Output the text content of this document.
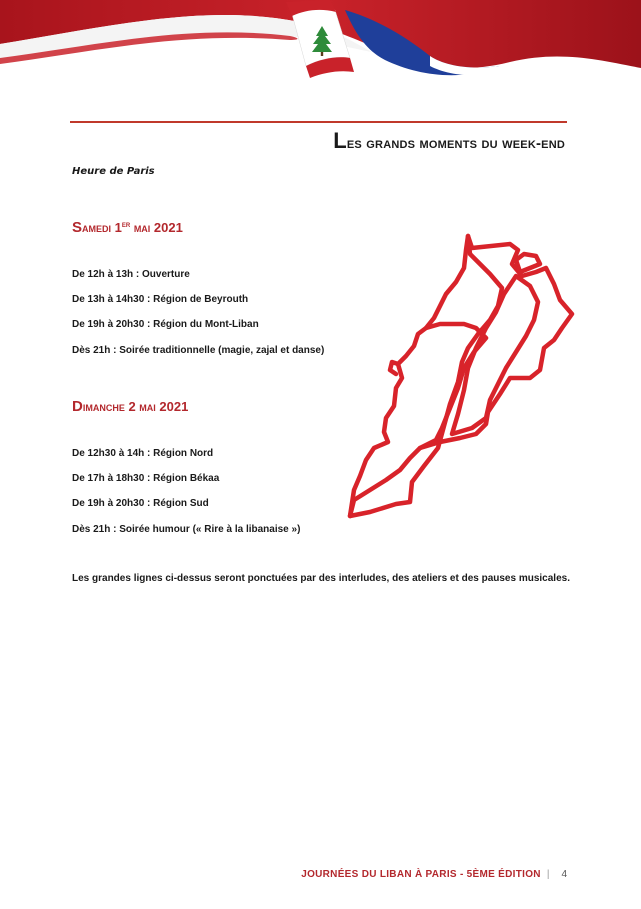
Les grands moments du week-end
Heure de Paris
Samedi 1er mai 2021
De 12h à 13h : Ouverture
De 13h à 14h30 : Région de Beyrouth
De 19h à 20h30 : Région du Mont-Liban
Dès 21h : Soirée traditionnelle (magie, zajal et danse)
Dimanche 2 mai 2021
De 12h30 à 14h : Région Nord
De 17h à 18h30 : Région Békaa
De 19h à 20h30 : Région Sud
Dès 21h : Soirée humour (« Rire à la libanaise »)
Les grandes lignes ci-dessus seront ponctuées par des interludes, des ateliers et des pauses musicales.
JOURNÉES DU LIBAN À PARIS - 5ÈME ÉDITION | 4
